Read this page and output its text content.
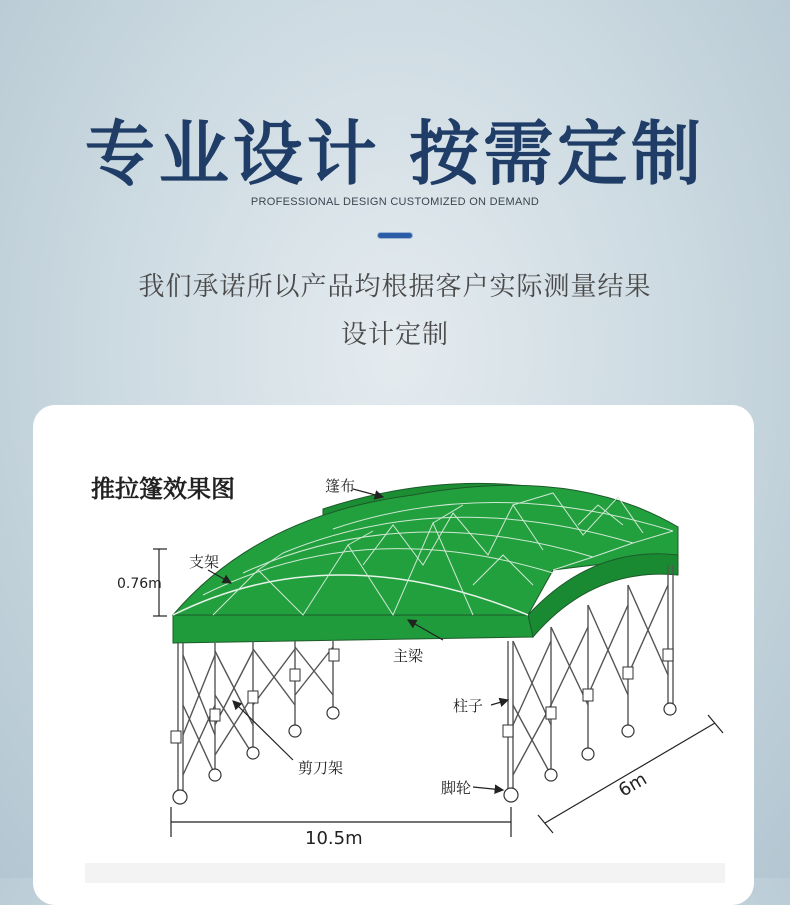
专业设计 按需定制
PROFESSIONAL DESIGN CUSTOMIZED ON DEMAND
我们承诺所以产品均根据客户实际测量结果
设计定制
推拉篷效果图
0.76m
10.5m
6m
篷布
支架
主梁
柱子
剪刀架
脚轮
